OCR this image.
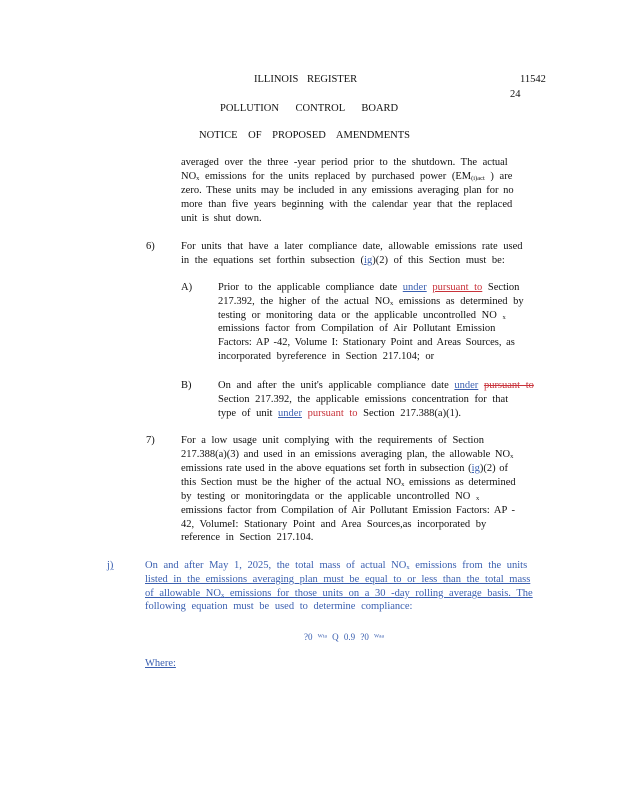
ILLINOIS REGISTER	11542
24
POLLUTION CONTROL BOARD
NOTICE OF PROPOSED AMENDMENTS
averaged over the three -year period prior to the shutdown. The actual
$NO_x$ emissions for the units replaced by purchased power ($EM_{(i)act}$ ) are
zero. These units may be included in any emissions averaging plan for no
more than five years beginning with the calendar year that the replaced
unit is shut down.
6)	For units that have a later compliance date, allowable emissions rate used
in the equations set forthin subsection (ig)(2) of this Section must be:
A) Prior to the applicable compliance date under pursuant to Section
217.392, the higher of the actual $NO_x$ emissions as determined by
testing or monitoring data or the applicable uncontrolled NO $_x$
emissions factor from Compilation of Air Pollutant Emission
Factors: AP -42, Volume I: Stationary Point and Areas Sources, as
incorporated byreference in Section 217.104; or
B)	On and after the unit's applicable compliance date under pursuant to
Section 217.392, the applicable emissions concentration for that
type of unit under pursuant to Section 217.388(a)(1).
7)	For a low usage unit complying with the requirements of Section
217.388(a)(3) and used in an emissions averaging plan, the allowable $NO_x$
emissions rate used in the above equations set forth in subsection (ig)(2) of
this Section must be the higher of the actual $NO_x$ emissions as determined
by testing or monitoringdata or the applicable uncontrolled NO $_x$
emissions factor from Compilation of Air Pollutant Emission Factors: AP -
42, VolumeI: Stationary Point and Area Sources,as incorporated by
reference in Section 217.104.
j)	On and after May 1, 2025, the total mass of actual $NO_x$ emissions from the units
listed in the emissions averaging plan must be equal to or less than the total mass
of allowable $NO_x$ emissions for those units on a 30 -day rolling average basis. The
following equation must be used to determine compliance:
?0 ᵂᵗᵃ Q 0.9 ?0 ᵂᵃᵃ
Where:
